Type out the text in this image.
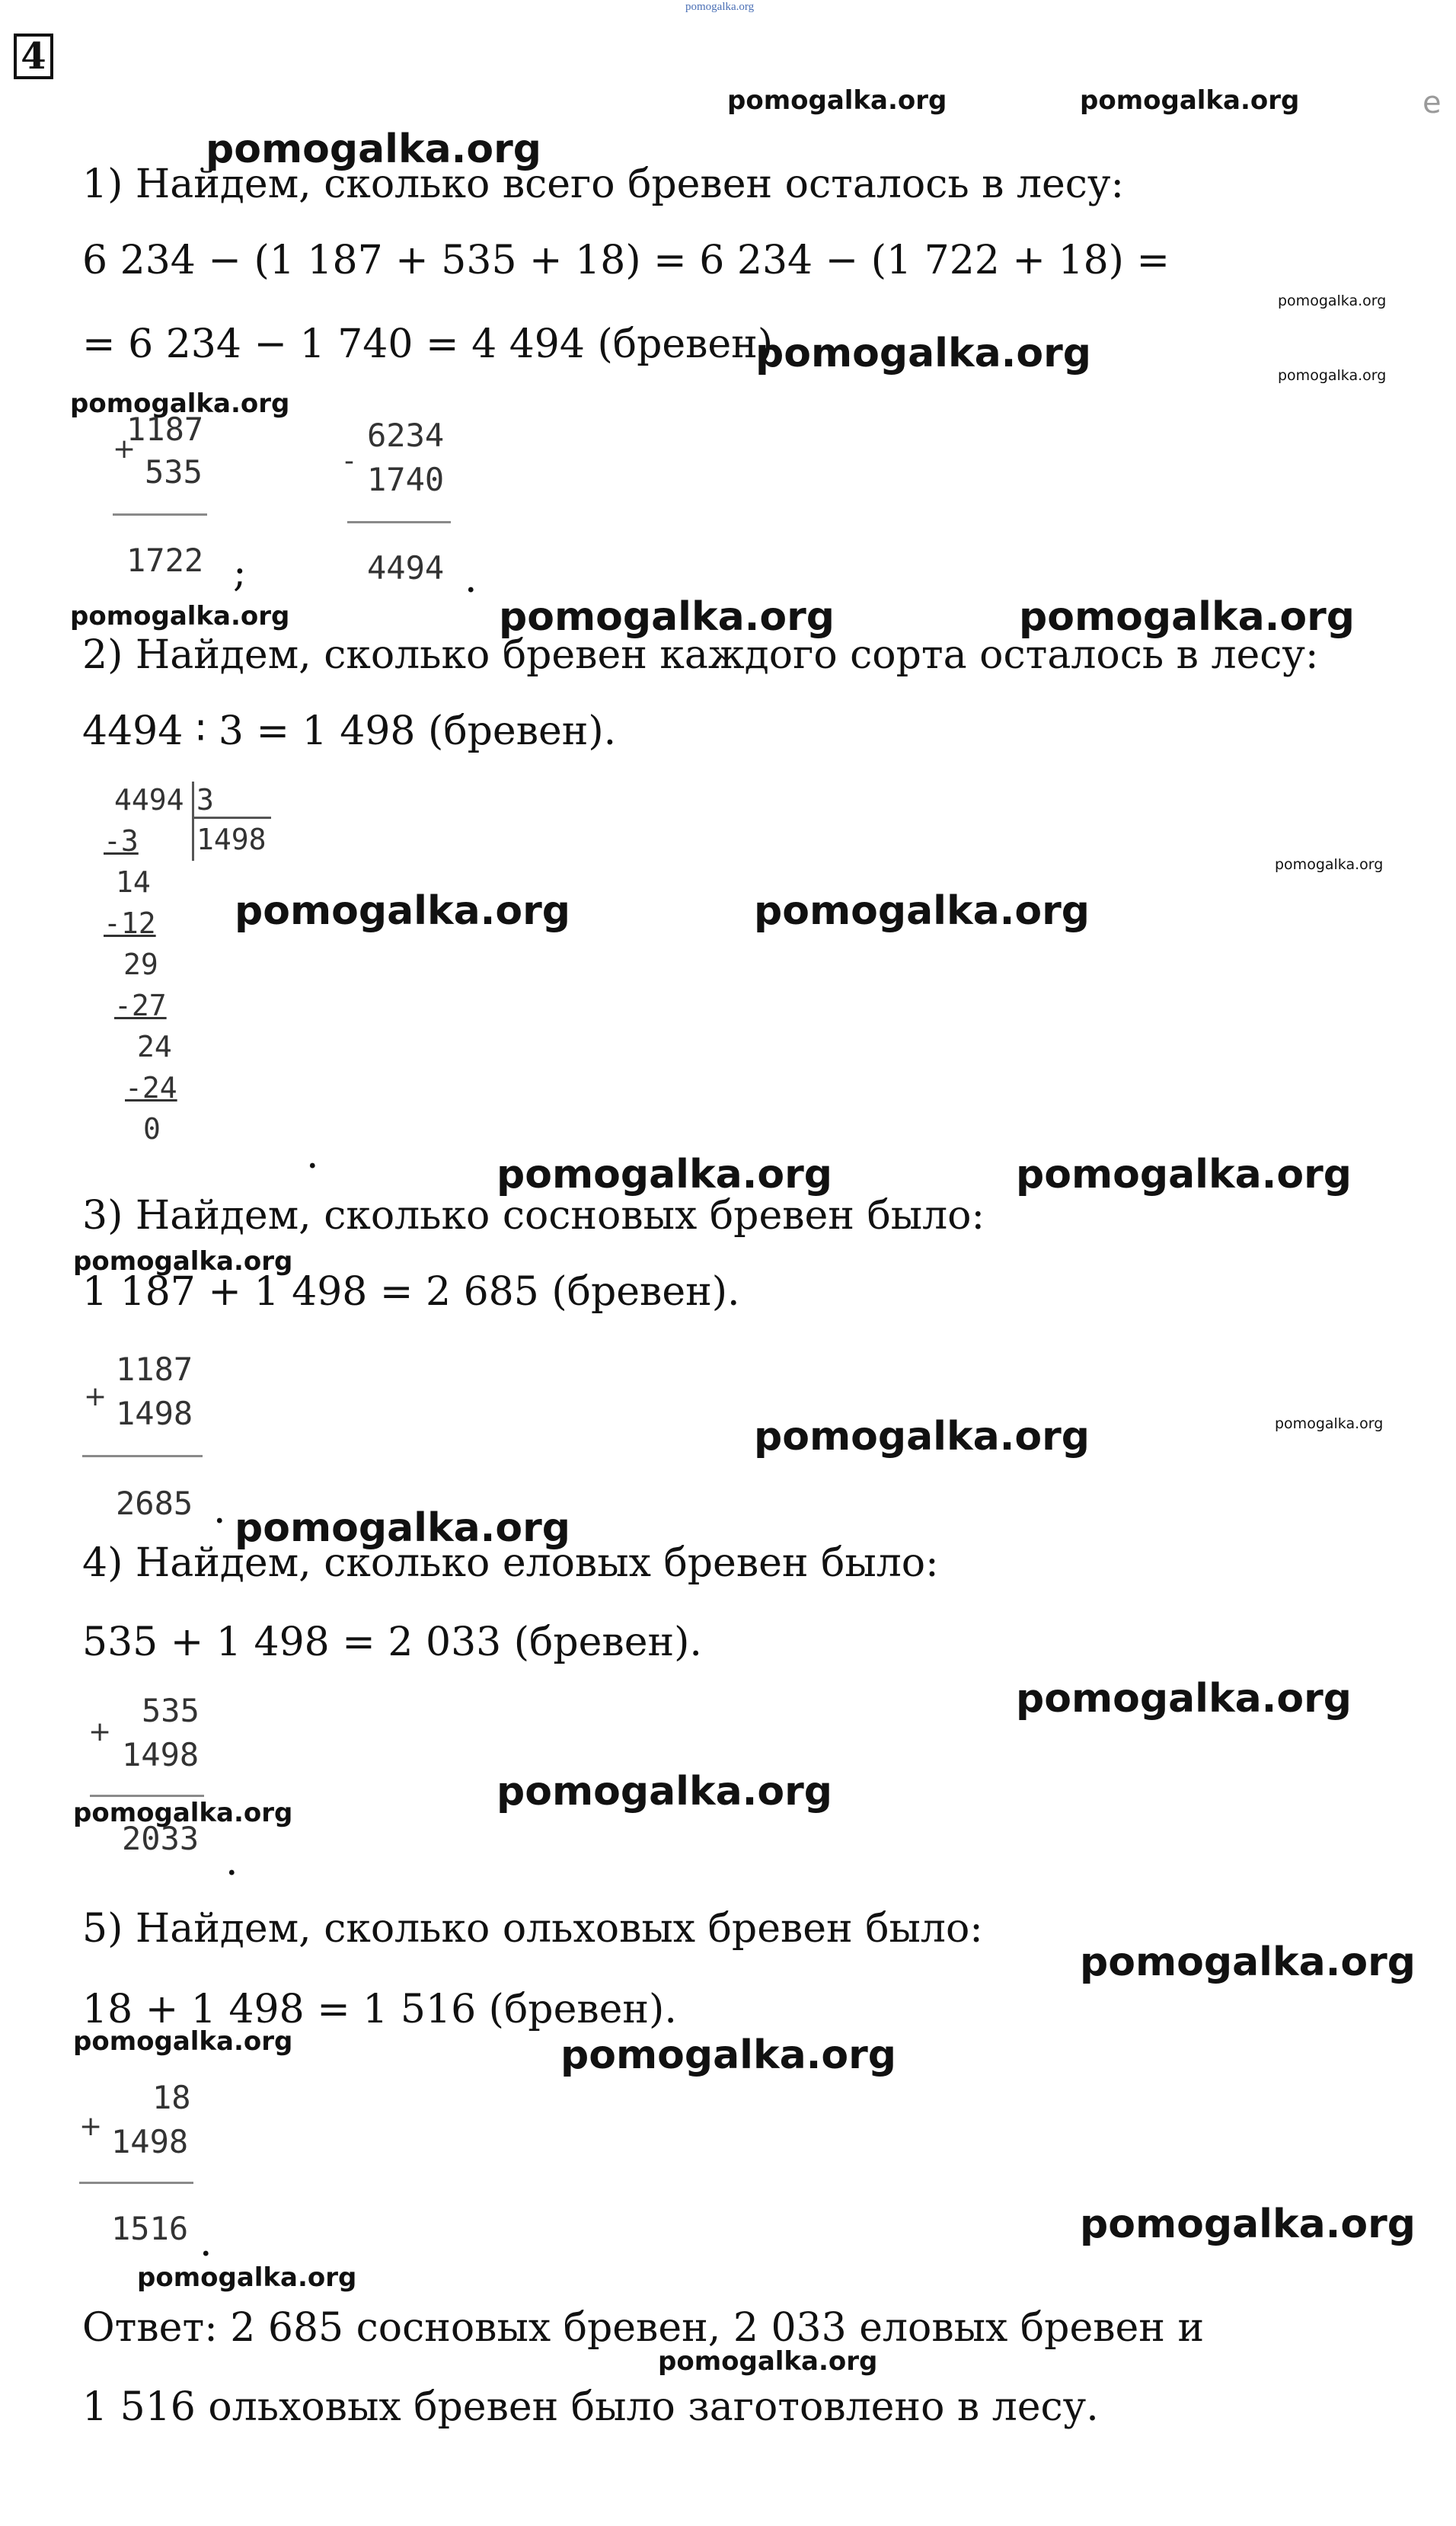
pomogalka.org
4
e
pomogalka.org	pomogalka.org
pomogalka.org
pomogalka.org
pomogalka.org	pomogalka.org
pomogalka.org
pomogalka.org	pomogalka.org	pomogalka.org
pomogalka.org
pomogalka.org	pomogalka.org
pomogalka.org	pomogalka.org
pomogalka.org
pomogalka.org	pomogalka.org
pomogalka.org
pomogalka.org
pomogalka.org
pomogalka.org
pomogalka.org
pomogalka.org	pomogalka.org
pomogalka.org
pomogalka.org
pomogalka.org
1) Найдем, сколько всего бревен осталось в лесу:
6 234 − (1 187 + 535 + 18) = 6 234 − (1 722 + 18) =
= 6 234 − 1 740 = 4 494 (бревен).
+
1187
535
1722 ;
-
6234
1740
4494 .
2) Найдем, сколько бревен каждого сорта осталось в лесу:
4494 ∶ 3 = 1 498 (бревен).
4494 3
1498
-3
14
-12
29
-27
24
-24
0
.
3) Найдем, сколько сосновых бревен было:
1 187 + 1 498 = 2 685 (бревен).
+
1187
1498
2685 .
4) Найдем, сколько еловых бревен было:
535 + 1 498 = 2 033 (бревен).
+
535
1498
2033
.
5) Найдем, сколько ольховых бревен было:
18 + 1 498 = 1 516 (бревен).
+
18
1498
1516 .
Ответ: 2 685 сосновых бревен, 2 033 еловых бревен и
1 516 ольховых бревен было заготовлено в лесу.
